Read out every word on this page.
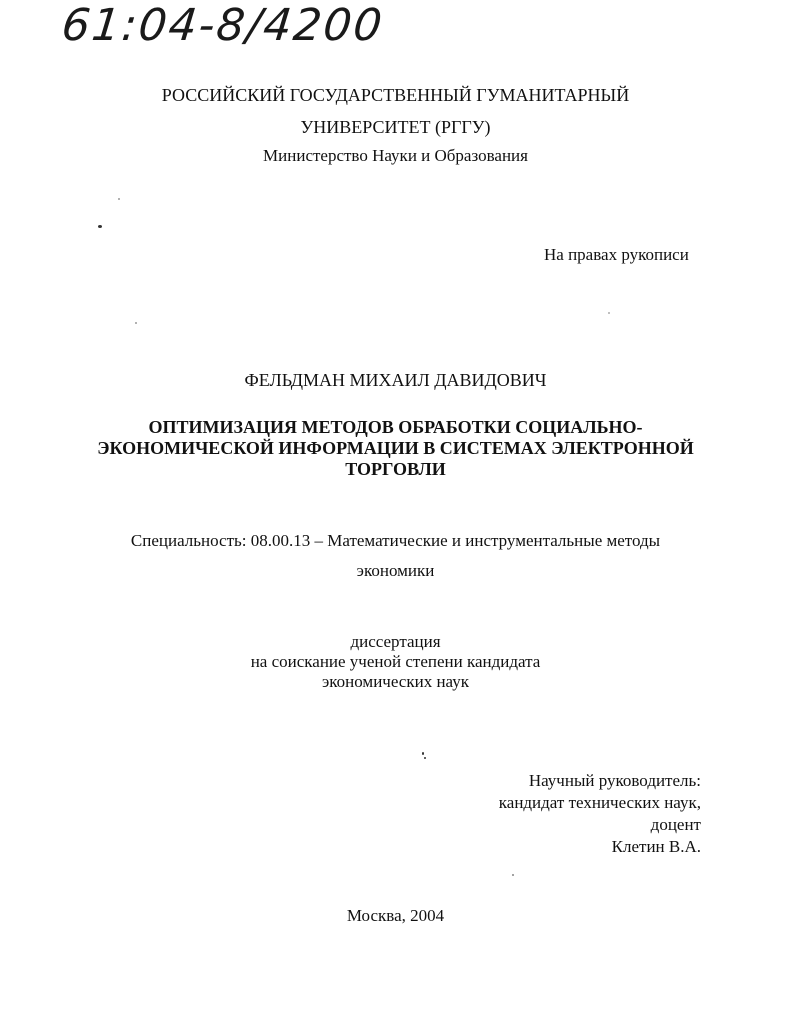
61:04-8/4200
РОССИЙСКИЙ ГОСУДАРСТВЕННЫЙ ГУМАНИТАРНЫЙ
УНИВЕРСИТЕТ (РГГУ)
Министерство Науки и Образования
На правах рукописи
ФЕЛЬДМАН МИХАИЛ ДАВИДОВИЧ
ОПТИМИЗАЦИЯ МЕТОДОВ ОБРАБОТКИ СОЦИАЛЬНО-
ЭКОНОМИЧЕСКОЙ ИНФОРМАЦИИ В СИСТЕМАХ ЭЛЕКТРОННОЙ
ТОРГОВЛИ
Специальность: 08.00.13 – Математические и инструментальные методы
экономики
диссертация
на соискание ученой степени кандидата
экономических наук
Научный руководитель:
кандидат технических наук,
доцент
Клетин В.А.
Москва, 2004
